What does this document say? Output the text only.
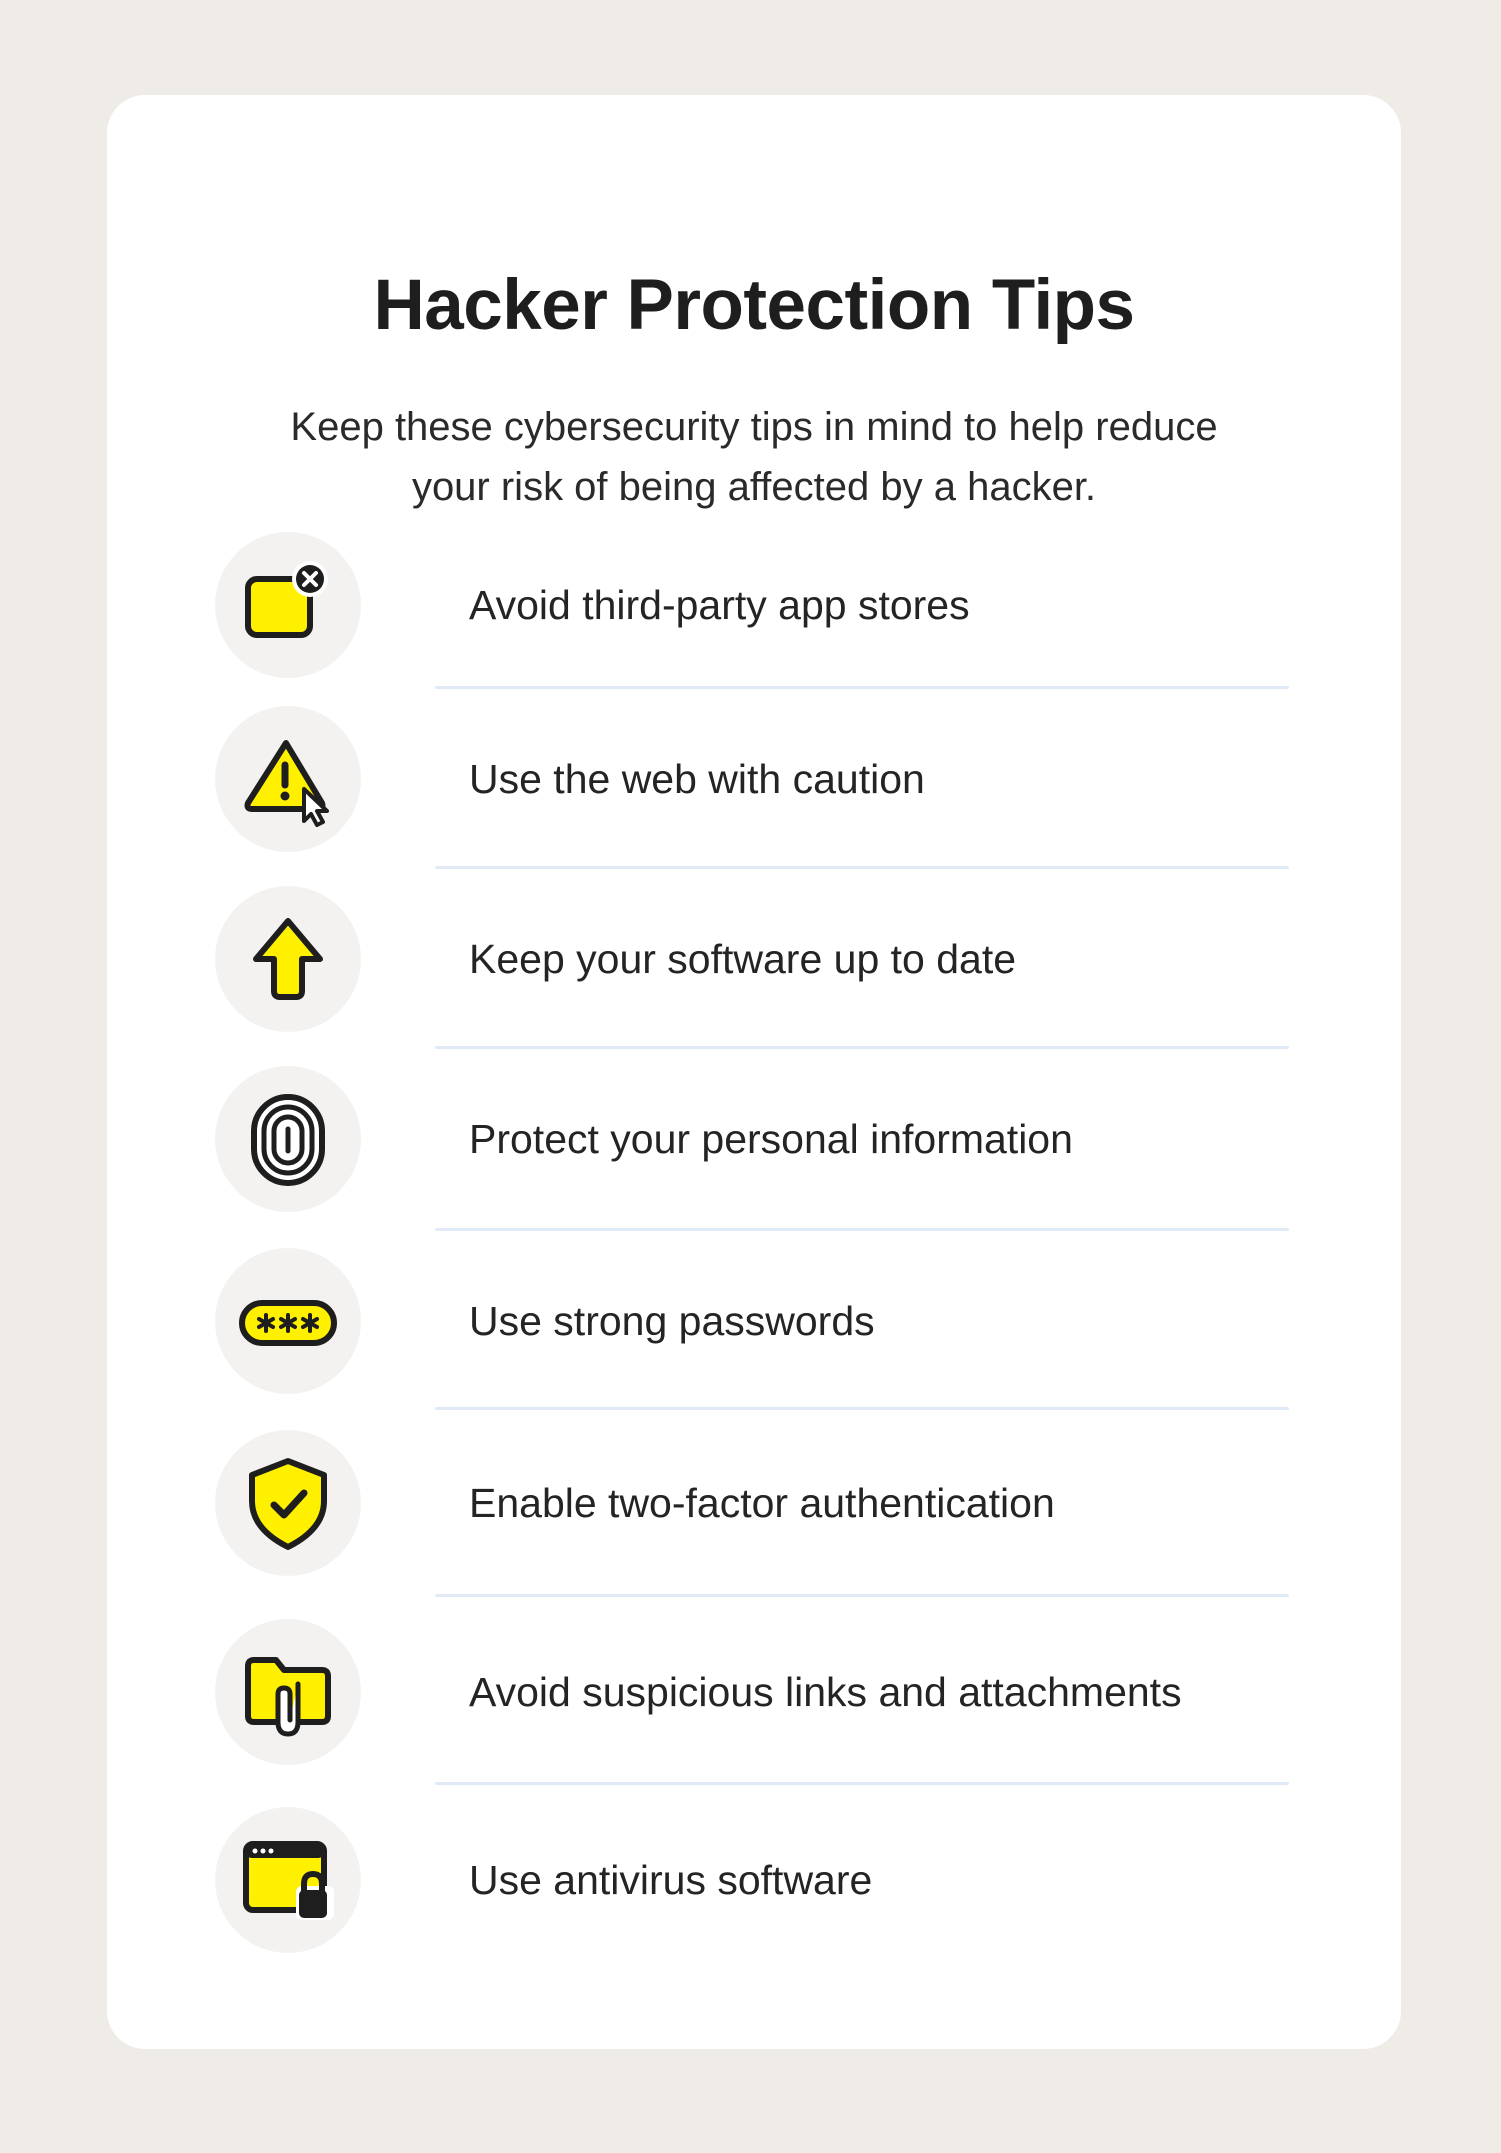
Hacker Protection Tips

Keep these cybersecurity tips in mind to help reduce
your risk of being affected by a hacker.

Avoid third-party app stores
Use the web with caution
Keep your software up to date
Protect your personal information
Use strong passwords
Enable two-factor authentication
Avoid suspicious links and attachments
Use antivirus software
